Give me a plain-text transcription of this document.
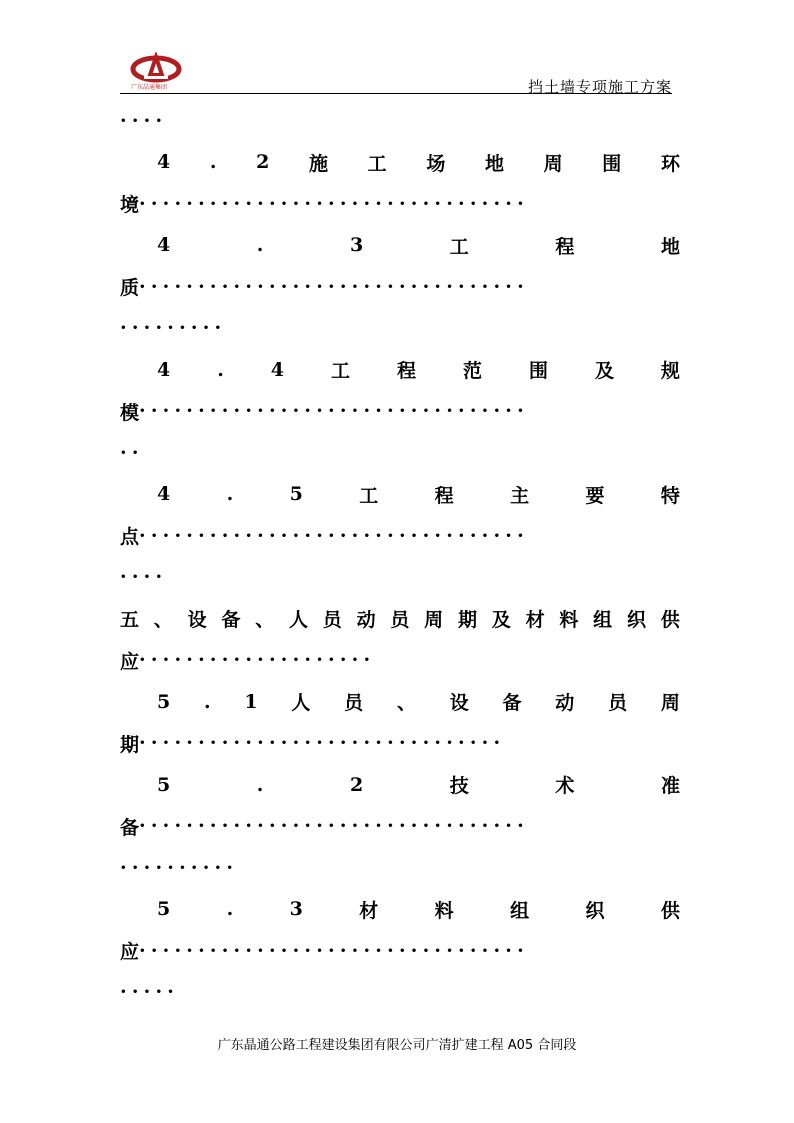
广东晶通集团	挡土墙专项施工方案
····
4 . 2 施 工 场 地 周 围 环
境 ·································
4	.	3	工	程	地
质 ·································
·········
4 . 4 工 程 范 围 及 规
模 ·································
··
4	.	5	工	程	主	要	特
点 ·································
····
五 、 设 备 、 人 员 动 员 周 期 及 材 料 组 织 供
应 ····················
5 . 1 人 员 、 设 备 动 员 周
期 ·······························
5	.	2	技	术	准
备 ·································
··········
5	.	3	材	料	组	织	供
应 ·································
·····
广东晶通公路工程建设集团有限公司广清扩建工程 A05 合同段
